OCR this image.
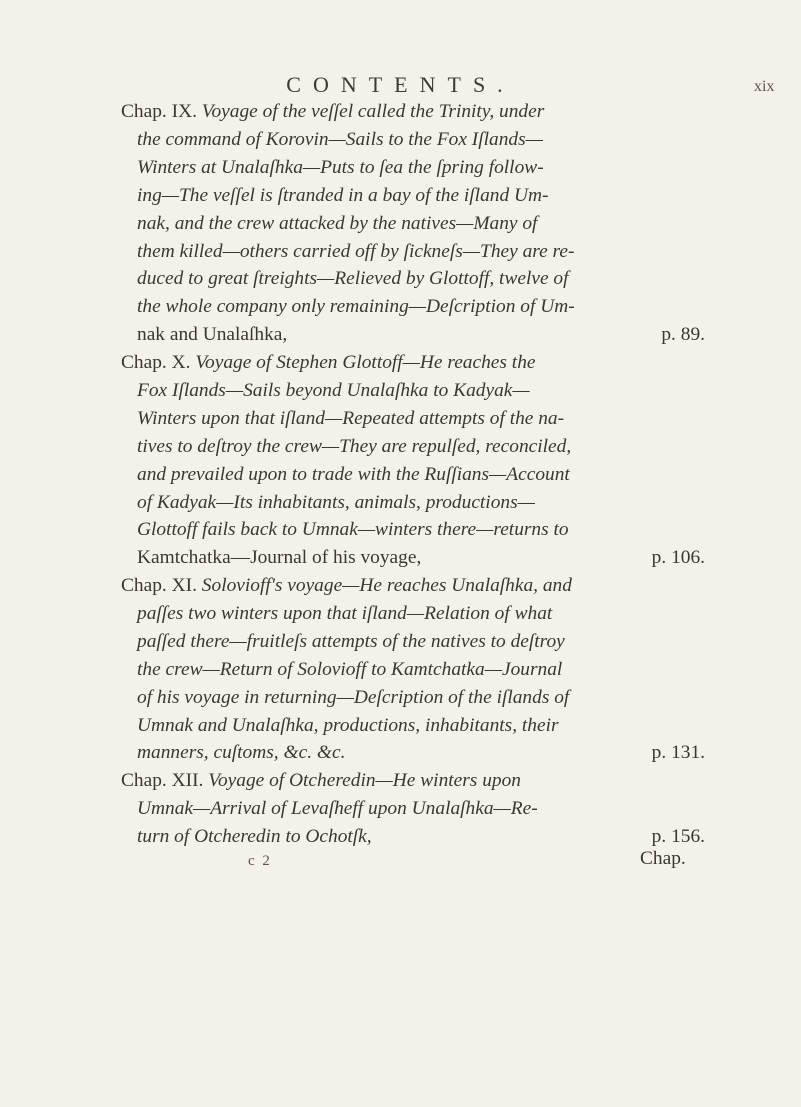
CONTENTS.	xix
Chap. IX. Voyage of the veſſel called the Trinity, under
the command of Korovin—Sails to the Fox Iſlands—
Winters at Unalaſhka—Puts to ſea the ſpring follow-
ing—The veſſel is ſtranded in a bay of the iſland Um-
nak, and the crew attacked by the natives—Many of
them killed—others carried off by ſickneſs—They are re-
duced to great ſtreights—Relieved by Glottoff, twelve of
the whole company only remaining—Deſcription of Um-
nak and Unalaſhka,	p. 89.
Chap. X. Voyage of Stephen Glottoff—He reaches the
Fox Iſlands—Sails beyond Unalaſhka to Kadyak—
Winters upon that iſland—Repeated attempts of the na-
tives to deſtroy the crew—They are repulſed, reconciled,
and prevailed upon to trade with the Ruſſians—Account
of Kadyak—Its inhabitants, animals, productions—
Glottoff fails back to Umnak—winters there—returns to
Kamtchatka—Journal of his voyage,	p. 106.
Chap. XI. Solovioff's voyage—He reaches Unalaſhka, and
paſſes two winters upon that iſland—Relation of what
paſſed there—fruitleſs attempts of the natives to deſtroy
the crew—Return of Solovioff to Kamtchatka—Journal
of his voyage in returning—Deſcription of the iſlands of
Umnak and Unalaſhka, productions, inhabitants, their
manners, cuſtoms, &c. &c.	p. 131.
Chap. XII. Voyage of Otcheredin—He winters upon
Umnak—Arrival of Levaſheff upon Unalaſhka—Re-
turn of Otcheredin to Ochotſk,	p. 156.
c 2	Chap.
